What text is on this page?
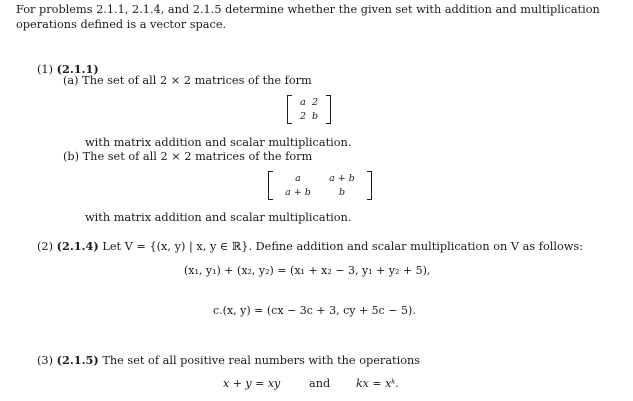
For problems 2.1.1, 2.1.4, and 2.1.5 determine whether the given set with addition and multiplication operations defined is a vector space.
(1) (2.1.1)
(a) The set of all 2 × 2 matrices of the form
a 2
2 b
with matrix addition and scalar multiplication.
(b) The set of all 2 × 2 matrices of the form
a	a + b
a + b	b
with matrix addition and scalar multiplication.
(2) (2.1.4) Let V = {(x, y) | x, y ∈ ℝ}. Define addition and scalar multiplication on V as follows:
(x₁, y₁) + (x₂, y₂) = (x₁ + x₂ − 3, y₁ + y₂ + 5),
c.(x, y) = (cx − 3c + 3, cy + 5c − 5).
(3) (2.1.5) The set of all positive real numbers with the operations
x + y = xy	and kx = xᵏ.
